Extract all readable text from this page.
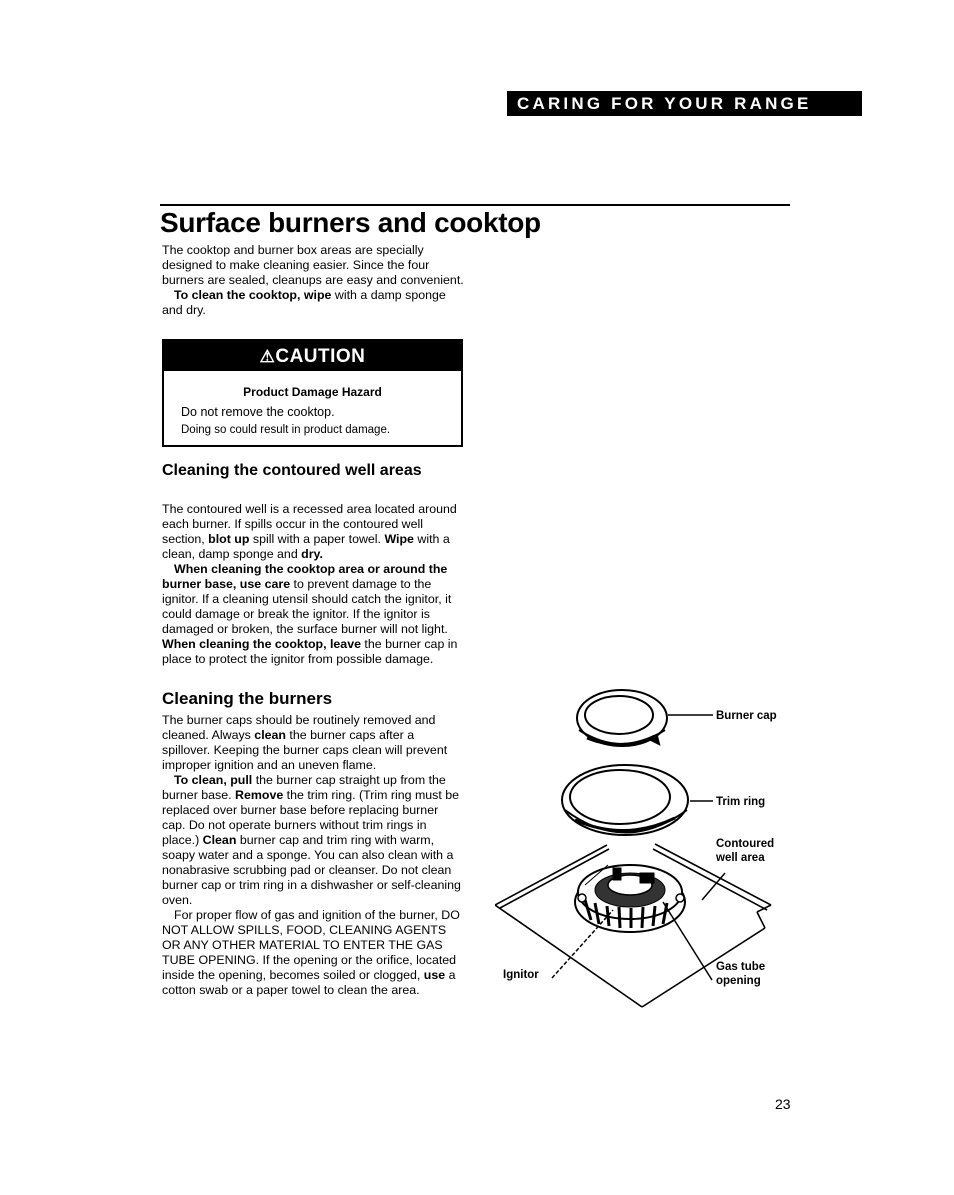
CARING FOR YOUR RANGE
Surface burners and cooktop

The cooktop and burner box areas are specially designed to make cleaning easier. Since the four burners are sealed, cleanups are easy and convenient.

To clean the cooktop, wipe with a damp sponge and dry.

⚠CAUTION
Product Damage Hazard
Do not remove the cooktop.
Doing so could result in product damage.
Cleaning the contoured well areas

The contoured well is a recessed area located around each burner. If spills occur in the contoured well section, blot up spill with a paper towel. Wipe with a clean, damp sponge and dry.

When cleaning the cooktop area or around the burner base, use care to prevent damage to the ignitor. If a cleaning utensil should catch the ignitor, it could damage or break the ignitor. If the ignitor is damaged or broken, the surface burner will not light. When cleaning the cooktop, leave the burner cap in place to protect the ignitor from possible damage.

Cleaning the burners

The burner caps should be routinely removed and cleaned. Always clean the burner caps after a spillover. Keeping the burner caps clean will prevent improper ignition and an uneven flame.

To clean, pull the burner cap straight up from the burner base. Remove the trim ring. (Trim ring must be replaced over burner base before replacing burner cap. Do not operate burners without trim rings in place.) Clean burner cap and trim ring with warm, soapy water and a sponge. You can also clean with a nonabrasive scrubbing pad or cleanser. Do not clean burner cap or trim ring in a dishwasher or self-cleaning oven.

For proper flow of gas and ignition of the burner, DO NOT ALLOW SPILLS, FOOD, CLEANING AGENTS OR ANY OTHER MATERIAL TO ENTER THE GAS TUBE OPENING. If the opening or the orifice, located inside the opening, becomes soiled or clogged, use a cotton swab or a paper towel to clean the area.

Burner cap
Trim ring
Contoured
well area
Ignitor
Gas tube
opening
23
